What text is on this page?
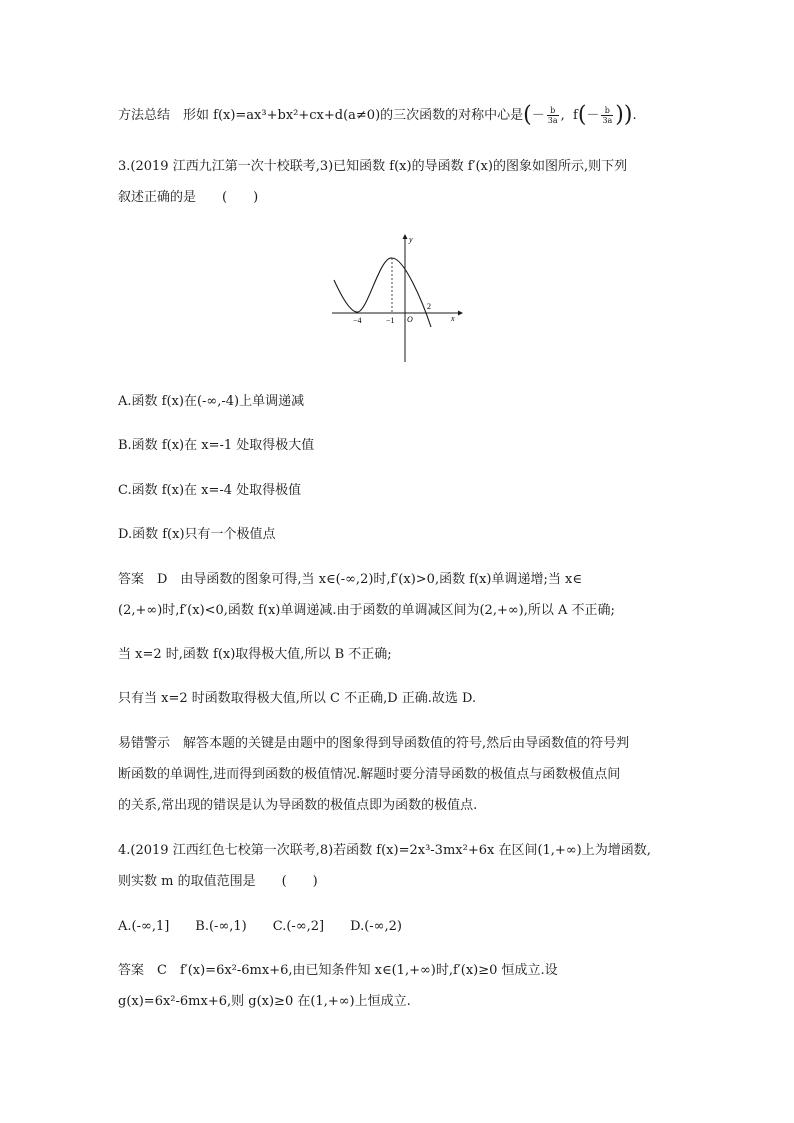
方法总结　形如 f(x)=ax³+bx²+cx+d(a≠0)的三次函数的对称中心是(－ $\frac{b}{3a}$ , $f(- \frac{b}{3a}$ )).
3.(2019 江西九江第一次十校联考,3)已知函数 f(x)的导函数 f′(x)的图象如图所示,则下列
叙述正确的是　　(　　)
y
x
−4	−1 O
2
A.函数 f(x)在(-∞,-4)上单调递减
B.函数 f(x)在 x=-1 处取得极大值
C.函数 f(x)在 x=-4 处取得极值
D.函数 f(x)只有一个极值点
答案　D　由导函数的图象可得,当 x∈(-∞,2)时,f′(x)>0,函数 f(x)单调递增;当 x∈
(2,+∞)时,f′(x)<0,函数 f(x)单调递减.由于函数的单调减区间为(2,+∞),所以 A 不正确;
当 x=2 时,函数 f(x)取得极大值,所以 B 不正确;
只有当 x=2 时函数取得极大值,所以 C 不正确,D 正确.故选 D.
易错警示　解答本题的关键是由题中的图象得到导函数值的符号,然后由导函数值的符号判
断函数的单调性,进而得到函数的极值情况.解题时要分清导函数的极值点与函数极值点间
的关系,常出现的错误是认为导函数的极值点即为函数的极值点.
4.(2019 江西红色七校第一次联考,8)若函数 f(x)=2x³-3mx²+6x 在区间(1,+∞)上为增函数,
则实数 m 的取值范围是　　(　　)
A.(-∞,1]　　B.(-∞,1)　　C.(-∞,2]　　D.(-∞,2)
答案　C　f′(x)=6x²-6mx+6,由已知条件知 x∈(1,+∞)时,f′(x)≥0 恒成立.设
g(x)=6x²-6mx+6,则 g(x)≥0 在(1,+∞)上恒成立.
